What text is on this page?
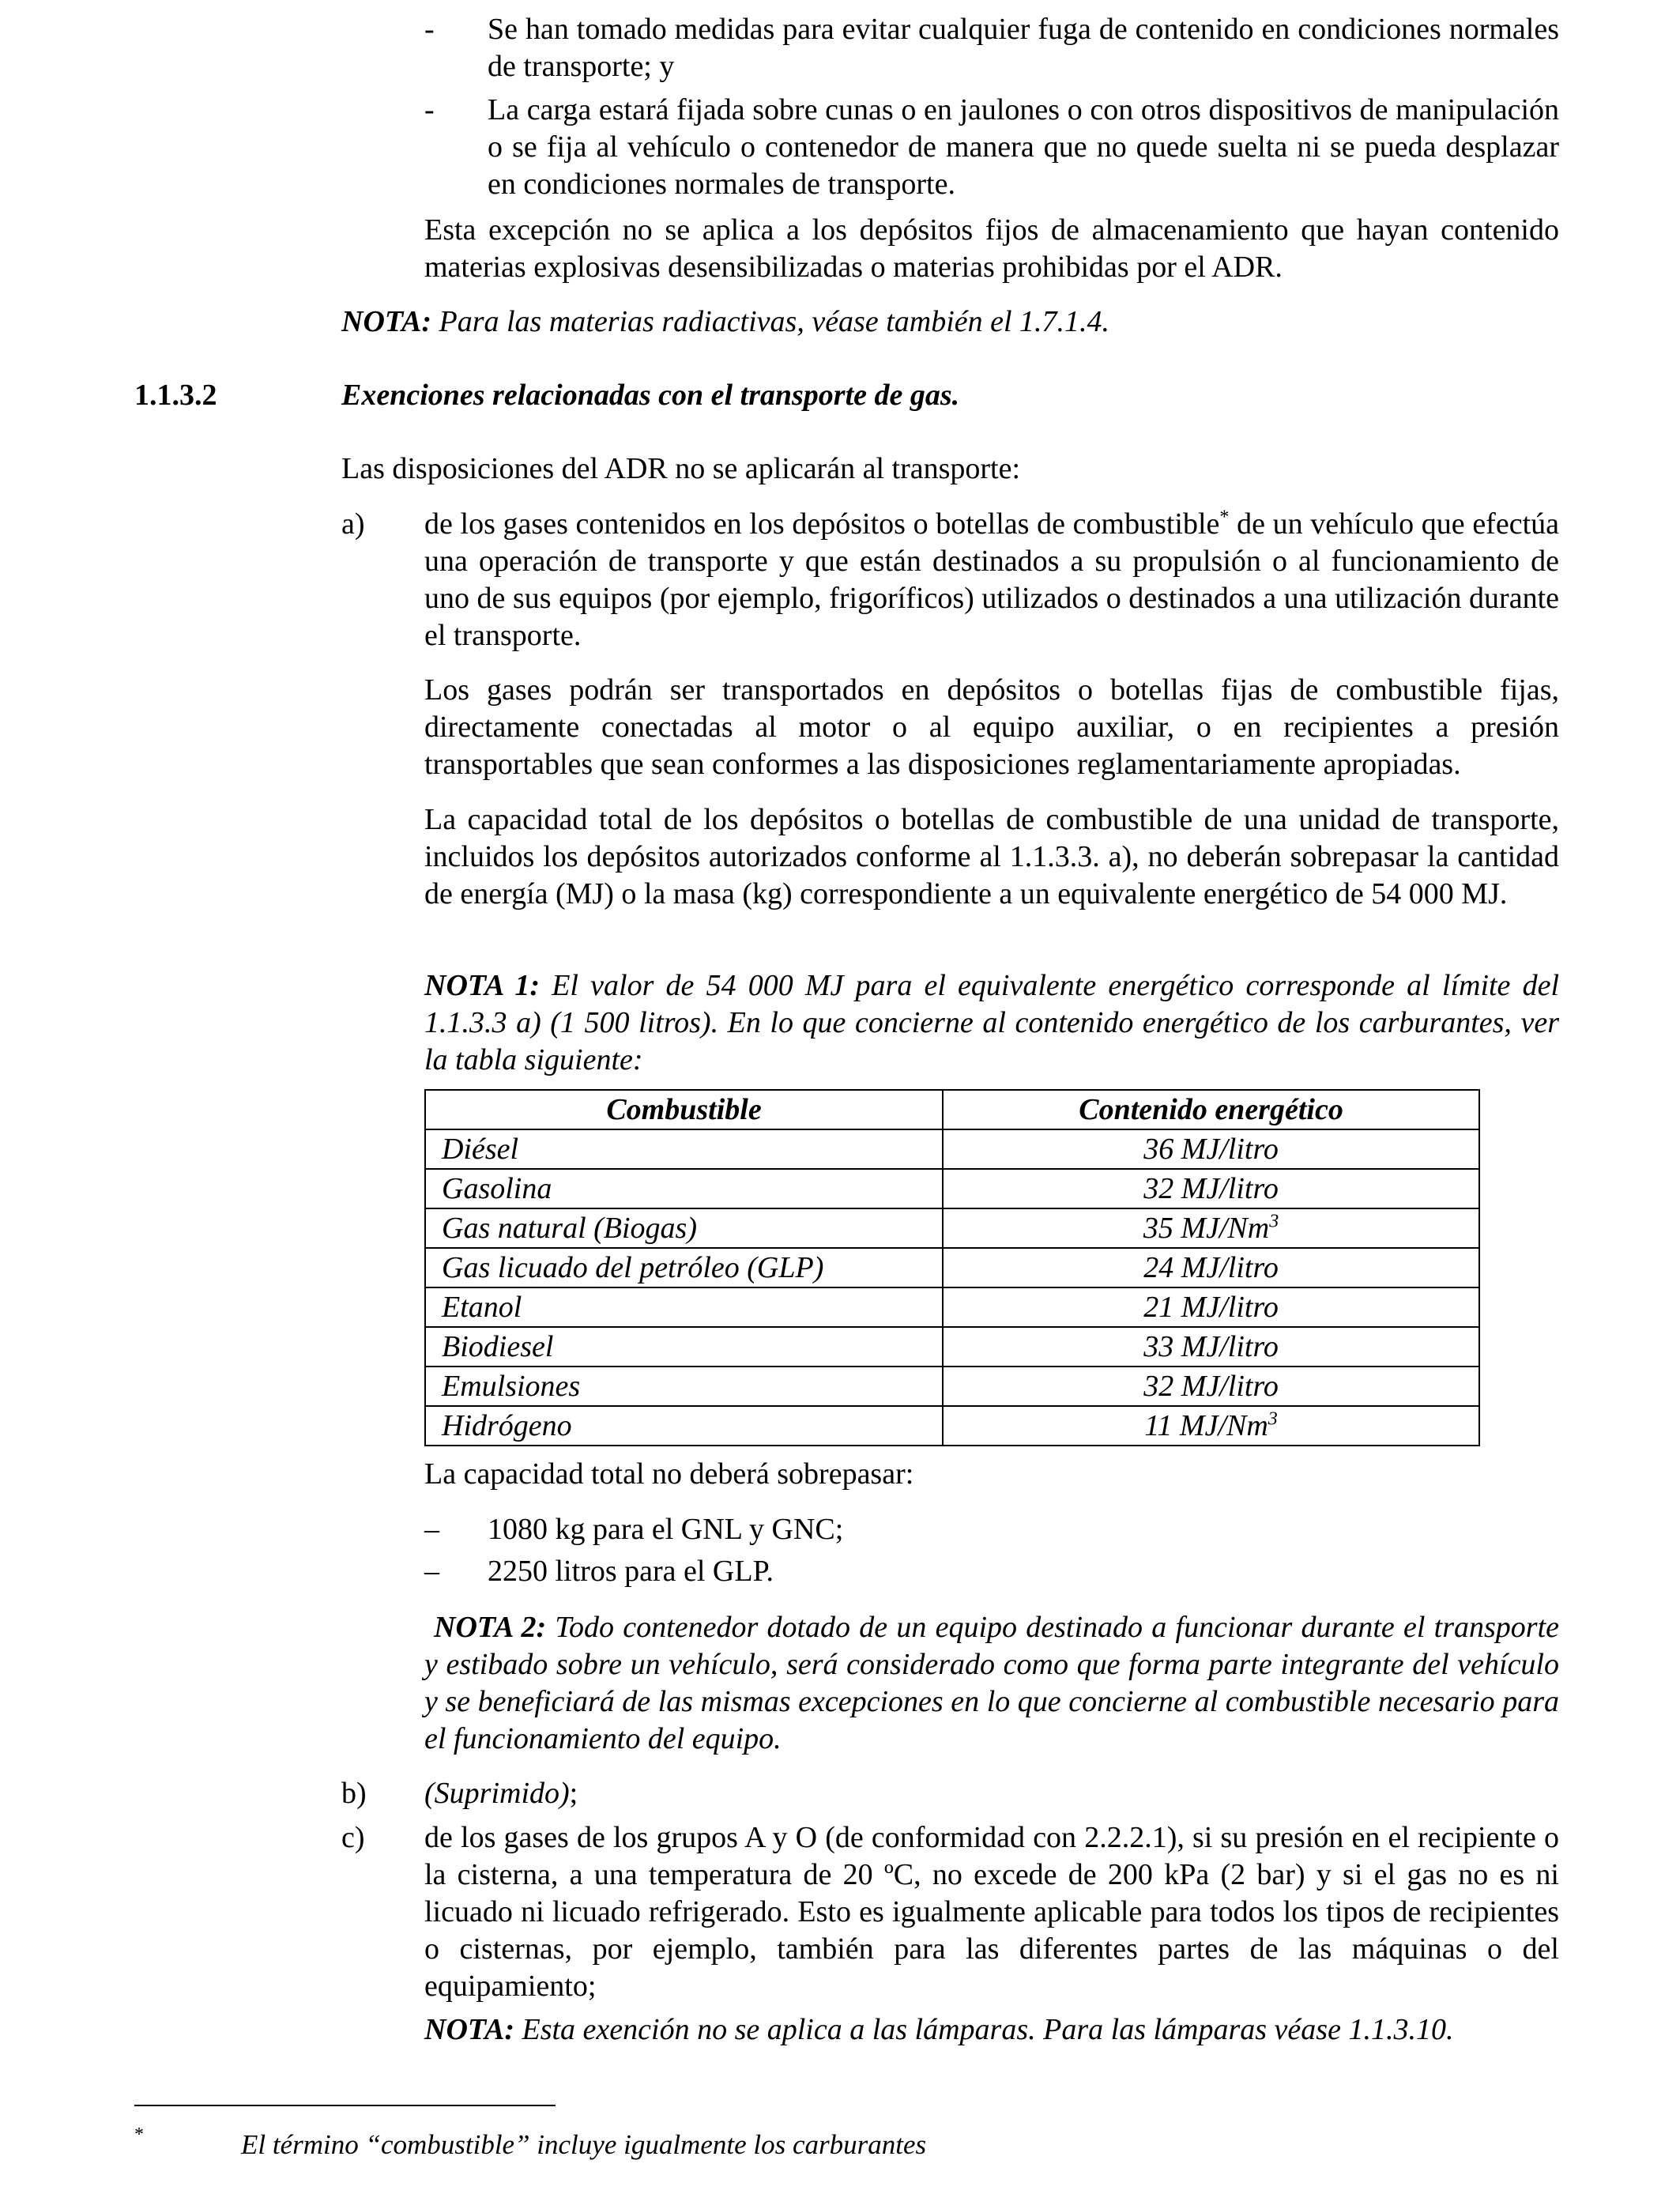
- Se han tomado medidas para evitar cualquier fuga de contenido en condiciones normales de transporte; y
- La carga estará fijada sobre cunas o en jaulones o con otros dispositivos de manipulación o se fija al vehículo o contenedor de manera que no quede suelta ni se pueda desplazar en condiciones normales de transporte.
Esta excepción no se aplica a los depósitos fijos de almacenamiento que hayan contenido materias explosivas desensibilizadas o materias prohibidas por el ADR.
NOTA: Para las materias radiactivas, véase también el 1.7.1.4.
1.1.3.2	Exenciones relacionadas con el transporte de gas.
Las disposiciones del ADR no se aplicarán al transporte:
a) de los gases contenidos en los depósitos o botellas de combustible* de un vehículo que efectúa una operación de transporte y que están destinados a su propulsión o al funcionamiento de uno de sus equipos (por ejemplo, frigoríficos) utilizados o destinados a una utilización durante el transporte.
Los gases podrán ser transportados en depósitos o botellas fijas de combustible fijas, directamente conectadas al motor o al equipo auxiliar, o en recipientes a presión transportables que sean conformes a las disposiciones reglamentariamente apropiadas.
La capacidad total de los depósitos o botellas de combustible de una unidad de transporte, incluidos los depósitos autorizados conforme al 1.1.3.3. a), no deberán sobrepasar la cantidad de energía (MJ) o la masa (kg) correspondiente a un equivalente energético de 54 000 MJ.
NOTA 1: El valor de 54 000 MJ para el equivalente energético corresponde al límite del 1.1.3.3 a) (1 500 litros). En lo que concierne al contenido energético de los carburantes, ver la tabla siguiente:
Combustible	Contenido energético
Diésel	36 MJ/litro
Gasolina	32 MJ/litro
Gas natural (Biogas)	35 MJ/Nm$^3$
Gas licuado del petróleo (GLP)	24 MJ/litro
Etanol	21 MJ/litro
Biodiesel	33 MJ/litro
Emulsiones	32 MJ/litro
Hidrógeno	11 MJ/Nm$^3$
La capacidad total no deberá sobrepasar:
– 1080 kg para el GNL y GNC;
– 2250 litros para el GLP.
NOTA 2: Todo contenedor dotado de un equipo destinado a funcionar durante el transporte y estibado sobre un vehículo, será considerado como que forma parte integrante del vehículo y se beneficiará de las mismas excepciones en lo que concierne al combustible necesario para el funcionamiento del equipo.
b) (Suprimido);
c) de los gases de los grupos A y O (de conformidad con 2.2.2.1), si su presión en el recipiente o la cisterna, a una temperatura de 20 ºC, no excede de 200 kPa (2 bar) y si el gas no es ni licuado ni licuado refrigerado. Esto es igualmente aplicable para todos los tipos de recipientes o cisternas, por ejemplo, también para las diferentes partes de las máquinas o del equipamiento;
NOTA: Esta exención no se aplica a las lámparas. Para las lámparas véase 1.1.3.10.
*	El término “combustible” incluye igualmente los carburantes
